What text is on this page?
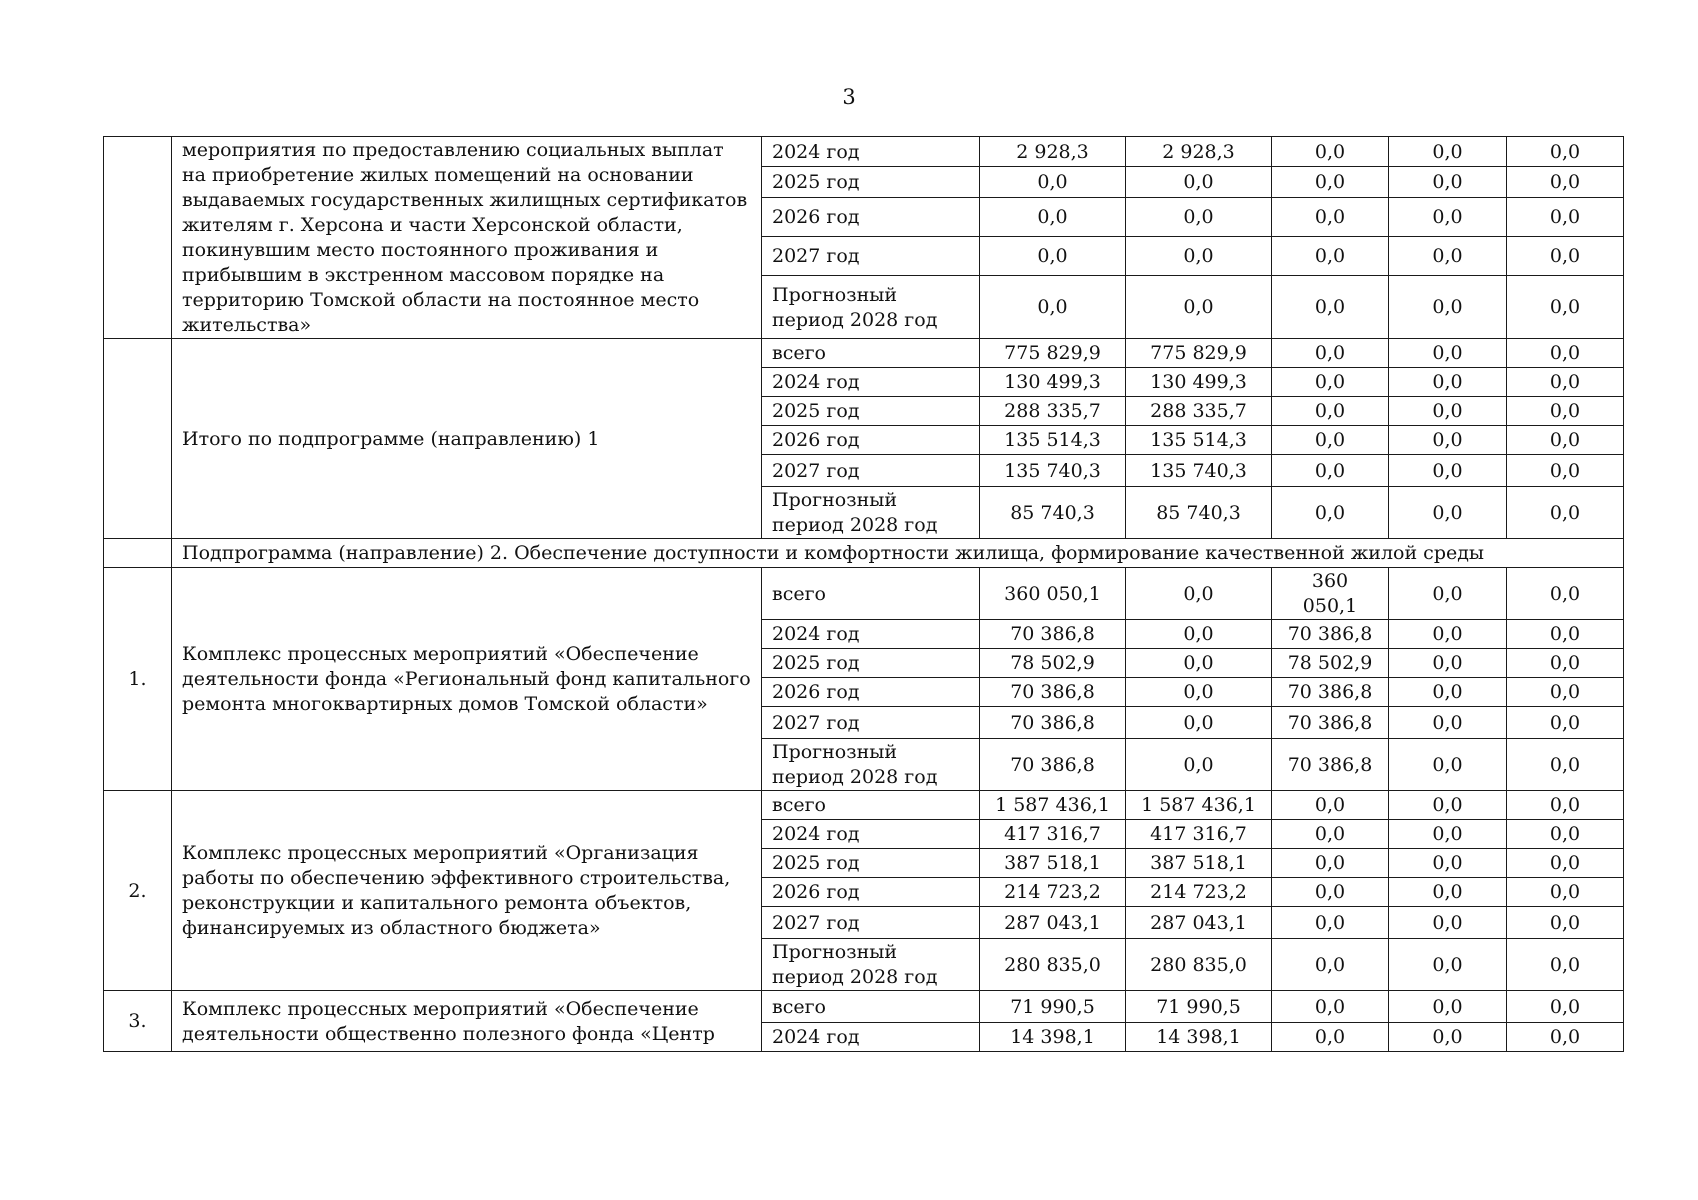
3
	мероприятия по предоставлению социальных выплат на приобретение жилых помещений на основании выдаваемых государственных жилищных сертификатов жителям г. Херсона и части Херсонской области, покинувшим место постоянного проживания и прибывшим в экстренном массовом порядке на территорию Томской области на постоянное место жительства»	2024 год	2 928,3	2 928,3	0,0	0,0	0,0
		2025 год	0,0	0,0	0,0	0,0	0,0
		2026 год	0,0	0,0	0,0	0,0	0,0
		2027 год	0,0	0,0	0,0	0,0	0,0
		Прогнозный период 2028 год	0,0	0,0	0,0	0,0	0,0
	Итого по подпрограмме (направлению) 1	всего	775 829,9	775 829,9	0,0	0,0	0,0
		2024 год	130 499,3	130 499,3	0,0	0,0	0,0
		2025 год	288 335,7	288 335,7	0,0	0,0	0,0
		2026 год	135 514,3	135 514,3	0,0	0,0	0,0
		2027 год	135 740,3	135 740,3	0,0	0,0	0,0
		Прогнозный период 2028 год	85 740,3	85 740,3	0,0	0,0	0,0
	Подпрограмма (направление) 2. Обеспечение доступности и комфортности жилища, формирование качественной жилой среды						
1.	Комплекс процессных мероприятий «Обеспечение деятельности фонда «Региональный фонд капитального ремонта многоквартирных домов Томской области»	всего	360 050,1	0,0	360 050,1	0,0	0,0
		2024 год	70 386,8	0,0	70 386,8	0,0	0,0
		2025 год	78 502,9	0,0	78 502,9	0,0	0,0
		2026 год	70 386,8	0,0	70 386,8	0,0	0,0
		2027 год	70 386,8	0,0	70 386,8	0,0	0,0
		Прогнозный период 2028 год	70 386,8	0,0	70 386,8	0,0	0,0
2.	Комплекс процессных мероприятий «Организация работы по обеспечению эффективного строительства, реконструкции и капитального ремонта объектов, финансируемых из областного бюджета»	всего	1 587 436,1	1 587 436,1	0,0	0,0	0,0
		2024 год	417 316,7	417 316,7	0,0	0,0	0,0
		2025 год	387 518,1	387 518,1	0,0	0,0	0,0
		2026 год	214 723,2	214 723,2	0,0	0,0	0,0
		2027 год	287 043,1	287 043,1	0,0	0,0	0,0
		Прогнозный период 2028 год	280 835,0	280 835,0	0,0	0,0	0,0
3.	Комплекс процессных мероприятий «Обеспечение деятельности общественно полезного фонда «Центр	всего	71 990,5	71 990,5	0,0	0,0	0,0
		2024 год	14 398,1	14 398,1	0,0	0,0	0,0
